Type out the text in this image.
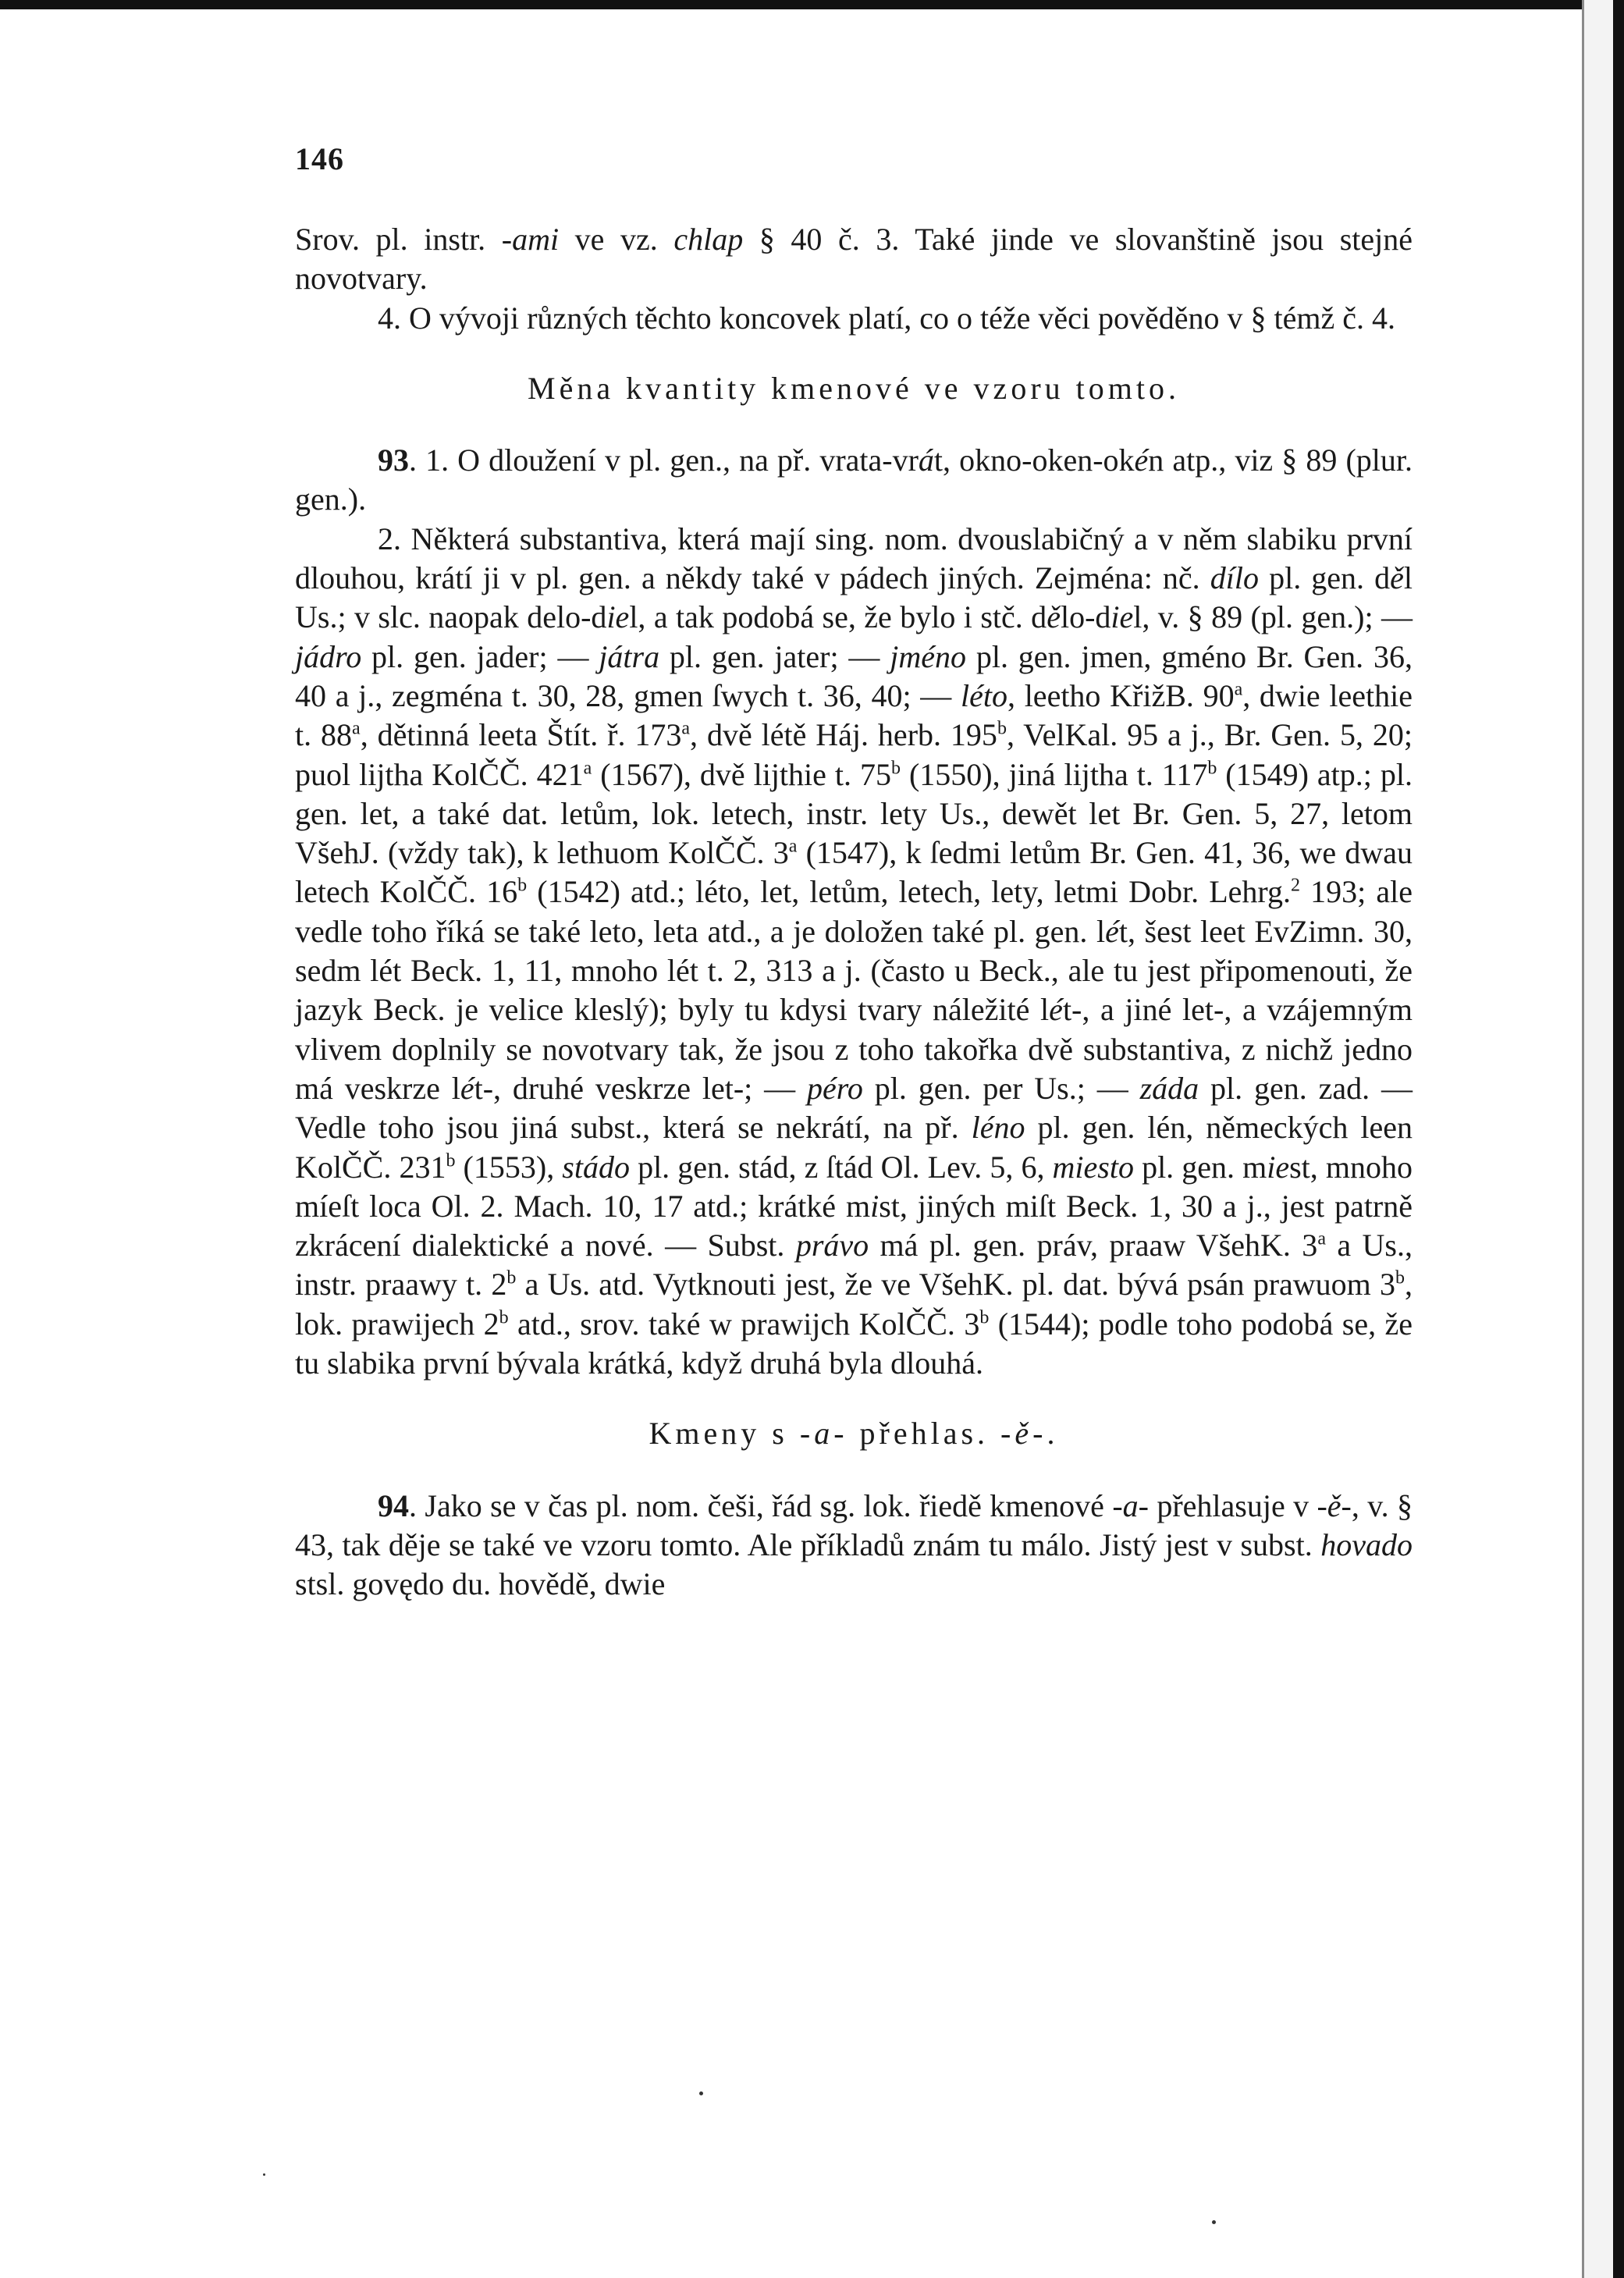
146

Srov. pl. instr. -ami ve vz. chlap § 40 č. 3. Také jinde ve slovanštině jsou stejné novotvary.

4. O vývoji různých těchto koncovek platí, co o téže věci pověděno v § témž č. 4.

Měna kvantity kmenové ve vzoru tomto.

93. 1. O dloužení v pl. gen., na př. vrata-vrát, okno-oken-okén atp., viz § 89 (plur. gen.).

2. Některá substantiva, která mají sing. nom. dvouslabičný a v něm slabiku první dlouhou, krátí ji v pl. gen. a někdy také v pádech jiných. Zejména: nč. dílo pl. gen. děl Us.; v slc. naopak delo-diel, a tak podobá se, že bylo i stč. dělo-diel, v. § 89 (pl. gen.); — jádro pl. gen. jader; — játra pl. gen. jater; — jméno pl. gen. jmen, gméno Br. Gen. 36, 40 a j., zegména t. 30, 28, gmen ſwych t. 36, 40; — léto, leetho KřižB. 90$^a$, dwie leethie t. 88$^a$, dětinná leeta Štít. ř. 173$^a$, dvě létě Háj. herb. 195$^b$, VelKal. 95 a j., Br. Gen. 5, 20; puol lijtha KolČČ. 421$^a$ (1567), dvě lijthie t. 75$^b$ (1550), jiná lijtha t. 117$^b$ (1549) atp.; pl. gen. let, a také dat. letům, lok. letech, instr. lety Us., dewět let Br. Gen. 5, 27, letom VšehJ. (vždy tak), k lethuom KolČČ. 3$^a$ (1547), k ſedmi letům Br. Gen. 41, 36, we dwau letech KolČČ. 16$^b$ (1542) atd.; léto, let, letům, letech, lety, letmi Dobr. Lehrg.$^2$ 193; ale vedle toho říká se také leto, leta atd., a je doložen také pl. gen. lét, šest leet EvZimn. 30, sedm lét Beck. 1, 11, mnoho lét t. 2, 313 a j. (často u Beck., ale tu jest připomenouti, že jazyk Beck. je velice kleslý); byly tu kdysi tvary náležité lét-, a jiné let-, a vzájemným vlivem doplnily se novotvary tak, že jsou z toho takořka dvě substantiva, z nichž jedno má veskrze lét-, druhé veskrze let-; — péro pl. gen. per Us.; — záda pl. gen. zad. — Vedle toho jsou jiná subst., která se nekrátí, na př. léno pl. gen. lén, německých leen KolČČ. 231$^b$ (1553), stádo pl. gen. stád, z ſtád Ol. Lev. 5, 6, miesto pl. gen. miest, mnoho míeſt loca Ol. 2. Mach. 10, 17 atd.; krátké mist, jiných miſt Beck. 1, 30 a j., jest patrně zkrácení dialektické a nové. — Subst. právo má pl. gen. práv, praaw VšehK. 3$^a$ a Us., instr. praawy t. 2$^b$ a Us. atd. Vytknouti jest, že ve VšehK. pl. dat. bývá psán prawuom 3$^b$, lok. prawijech 2$^b$ atd., srov. také w prawijch KolČČ. 3$^b$ (1544); podle toho podobá se, že tu slabika první bývala krátká, když druhá byla dlouhá.

Kmeny s -a- přehlas. -ě-.

94. Jako se v čas pl. nom. češi, řád sg. lok. řiedě kmenové -a- přehlasuje v -ě-, v. § 43, tak děje se také ve vzoru tomto. Ale příkladů znám tu málo. Jistý jest v subst. hovado stsl. govędo du. hovědě, dwie
